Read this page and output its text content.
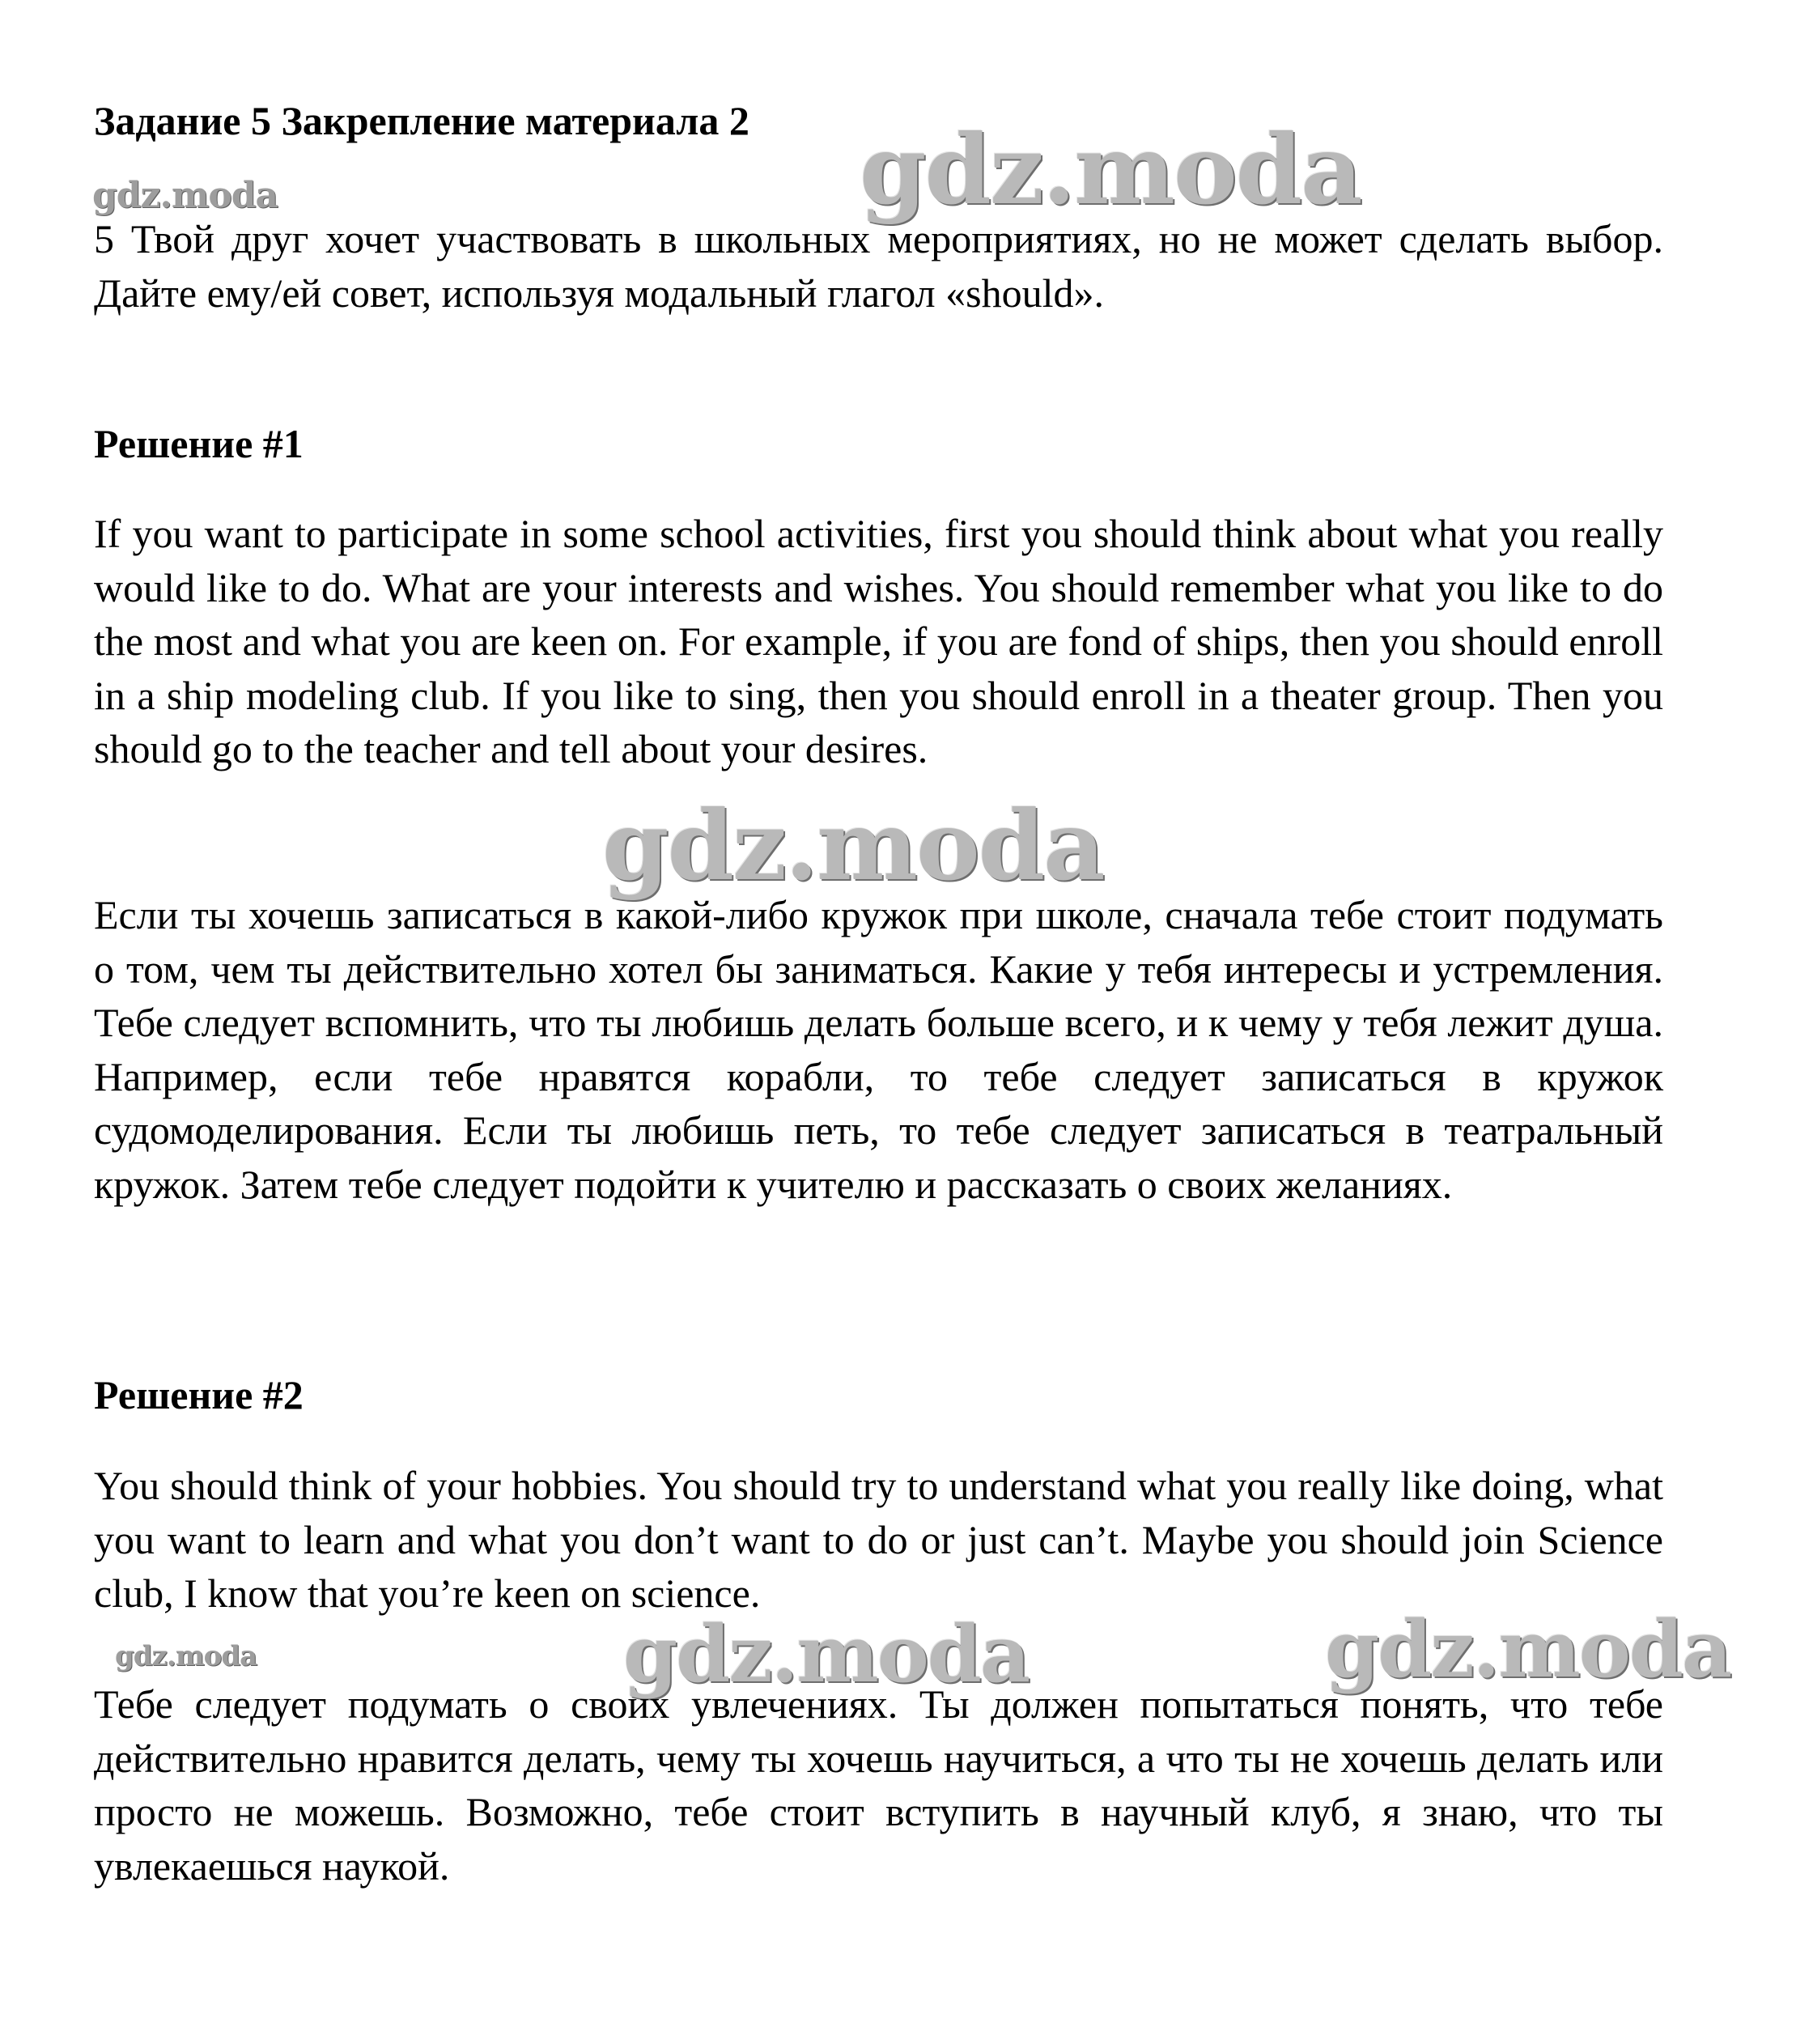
Задание 5 Закрепление материала 2 gdz.moda
gdz.moda

5 Твой друг хочет участвовать в школьных мероприятиях, но не может сделать выбор. Дайте ему/ей совет, используя модальный глагол «should».

Решение #1

If you want to participate in some school activities, first you should think about what you really would like to do. What are your interests and wishes. You should remember what you like to do the most and what you are keen on. For example, if you are fond of ships, then you should enroll in a ship modeling club. If you like to sing, then you should enroll in a theater group. Then you should go to the teacher and tell about your desires.

gdz.moda

Если ты хочешь записаться в какой-либо кружок при школе, сначала тебе стоит подумать о том, чем ты действительно хотел бы заниматься. Какие у тебя интересы и устремления. Тебе следует вспомнить, что ты любишь делать больше всего, и к чему у тебя лежит душа. Например, если тебе нравятся корабли, то тебе следует записаться в кружок судомоделирования. Если ты любишь петь, то тебе следует записаться в театральный кружок. Затем тебе следует подойти к учителю и рассказать о своих желаниях.

Решение #2

You should think of your hobbies. You should try to understand what you really like doing, what you want to learn and what you don’t want to do or just can’t. Maybe you should join Science club, I know that you’re keen on science.

gdz.moda	gdz.moda	gdz.moda

Тебе следует подумать о своих увлечениях. Ты должен попытаться понять, что тебе действительно нравится делать, чему ты хочешь научиться, а что ты не хочешь делать или просто не можешь. Возможно, тебе стоит вступить в научный клуб, я знаю, что ты увлекаешься наукой.
